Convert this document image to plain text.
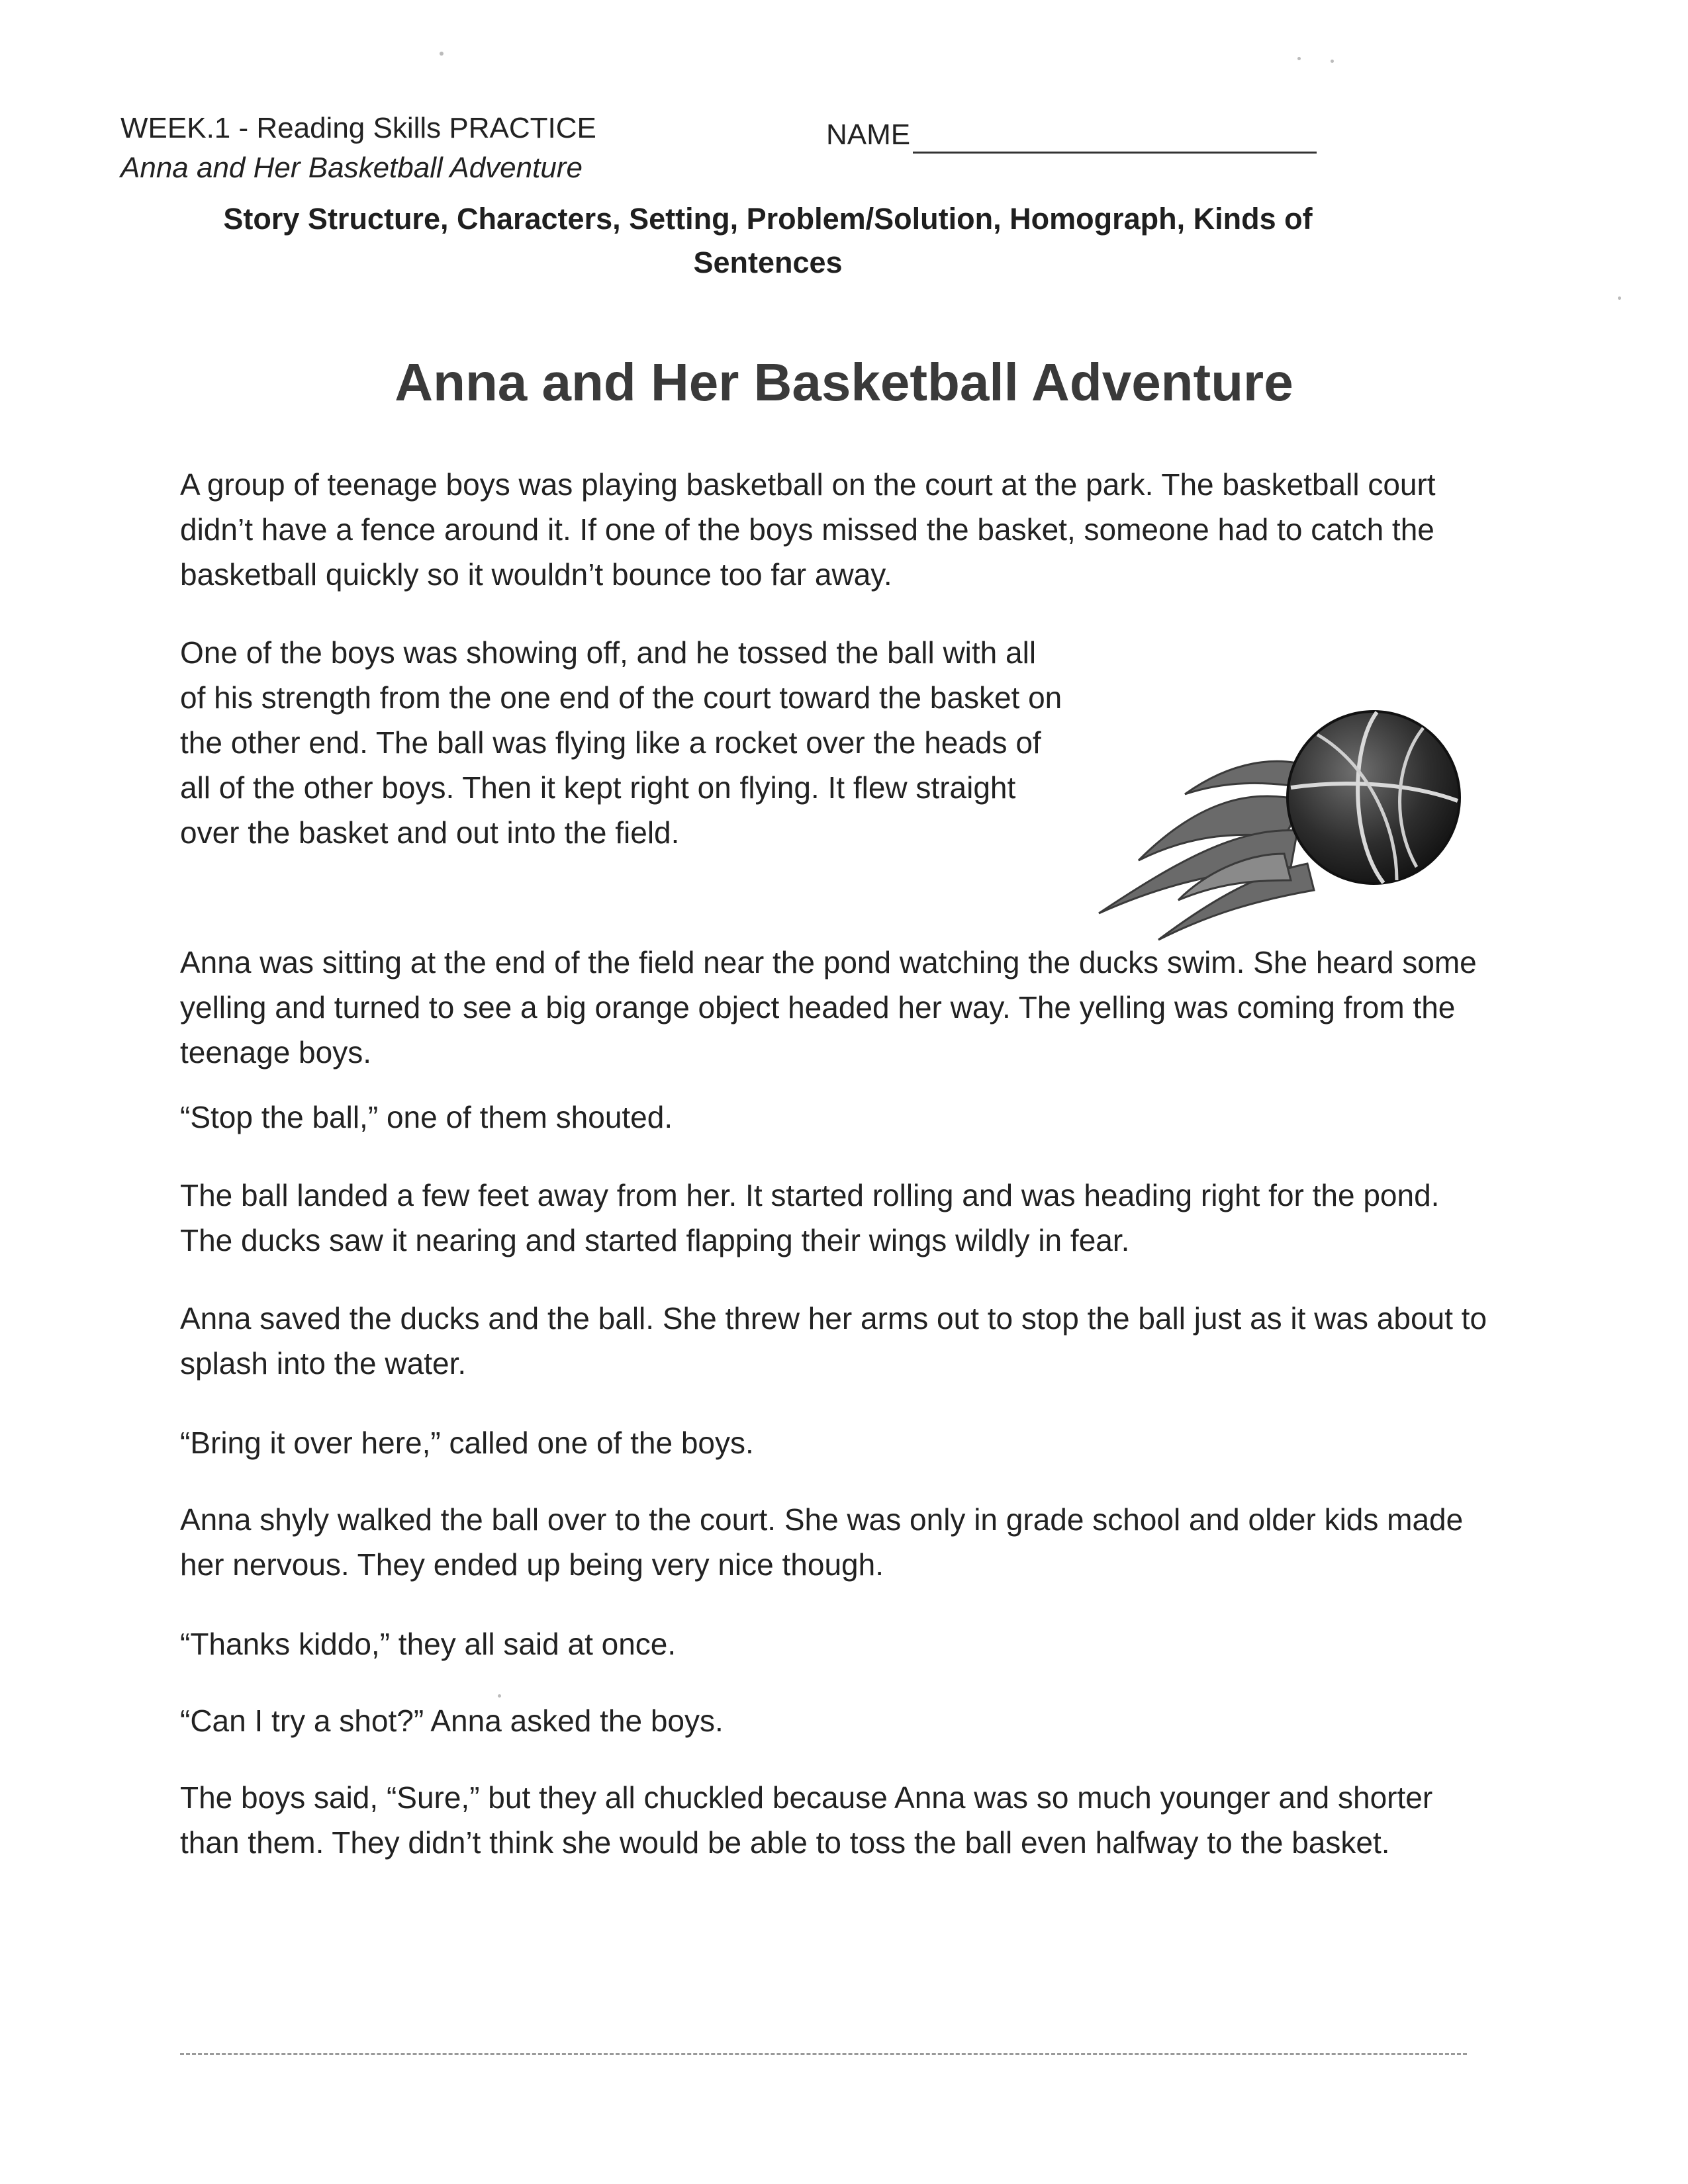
WEEK.1 - Reading Skills PRACTICE
Anna and Her Basketball Adventure
NAME
Story Structure, Characters, Setting, Problem/Solution, Homograph, Kinds of Sentences
Anna and Her Basketball Adventure

A group of teenage boys was playing basketball on the court at the park. The basketball court didn’t have a fence around it. If one of the boys missed the basket, someone had to catch the basketball quickly so it wouldn’t bounce too far away.

One of the boys was showing off, and he tossed the ball with all of his strength from the one end of the court toward the basket on the other end. The ball was flying like a rocket over the heads of all of the other boys. Then it kept right on flying. It flew straight over the basket and out into the field.

Anna was sitting at the end of the field near the pond watching the ducks swim. She heard some yelling and turned to see a big orange object headed her way. The yelling was coming from the teenage boys.

“Stop the ball,” one of them shouted.

The ball landed a few feet away from her. It started rolling and was heading right for the pond. The ducks saw it nearing and started flapping their wings wildly in fear.

Anna saved the ducks and the ball. She threw her arms out to stop the ball just as it was about to splash into the water.

“Bring it over here,” called one of the boys.

Anna shyly walked the ball over to the court. She was only in grade school and older kids made her nervous. They ended up being very nice though.

“Thanks kiddo,” they all said at once.

“Can I try a shot?” Anna asked the boys.

The boys said, “Sure,” but they all chuckled because Anna was so much younger and shorter than them. They didn’t think she would be able to toss the ball even halfway to the basket.
